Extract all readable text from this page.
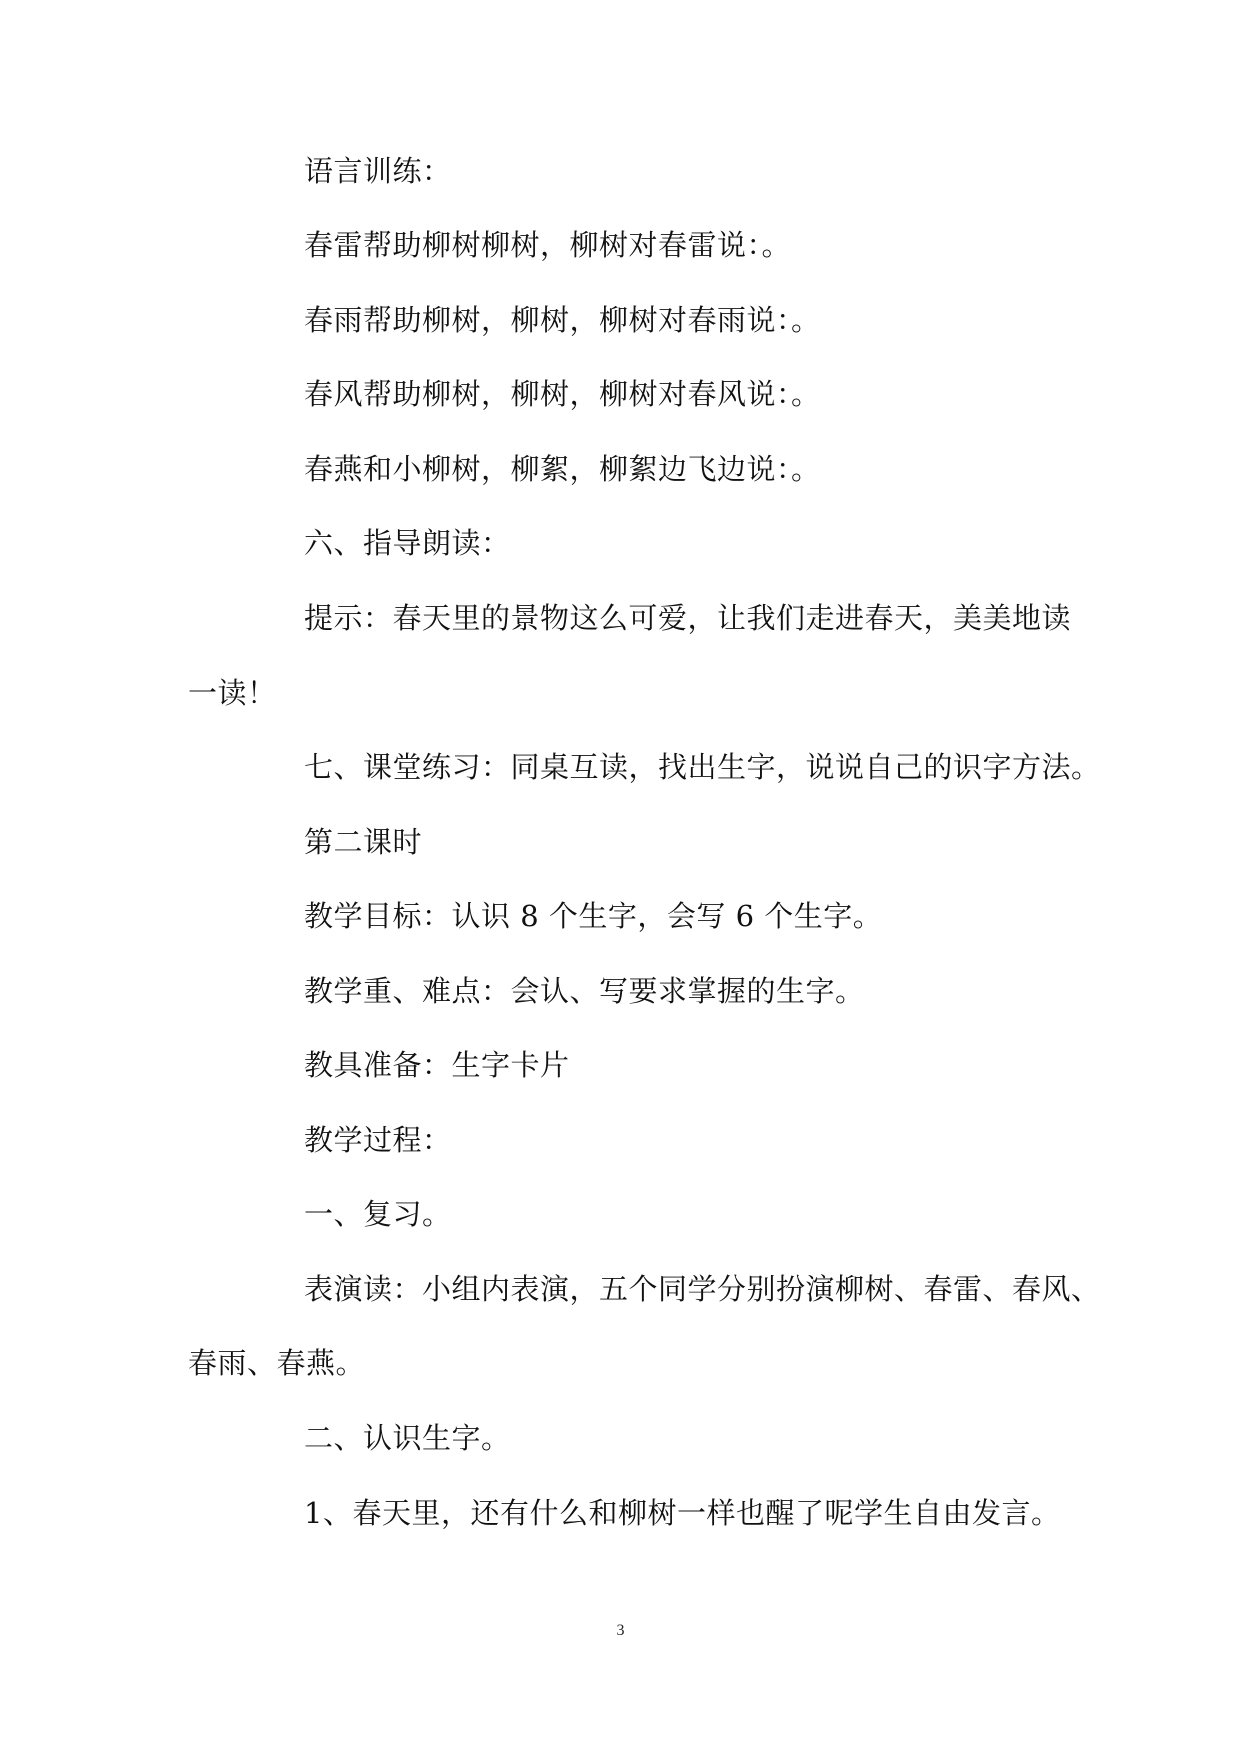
语言训练：

春雷帮助柳树柳树，柳树对春雷说：。

春雨帮助柳树，柳树，柳树对春雨说：。

春风帮助柳树，柳树，柳树对春风说：。

春燕和小柳树，柳絮，柳絮边飞边说：。

六、指导朗读：

提示：春天里的景物这么可爱，让我们走进春天，美美地读

一读！

七、课堂练习：同桌互读，找出生字，说说自己的识字方法。

第二课时

教学目标：认识 8 个生字，会写 6 个生字。

教学重、难点：会认、写要求掌握的生字。

教具准备：生字卡片

教学过程：

一、复习。

表演读：小组内表演，五个同学分别扮演柳树、春雷、春风、

春雨、春燕。

二、认识生字。

1、春天里，还有什么和柳树一样也醒了呢学生自由发言。

3
